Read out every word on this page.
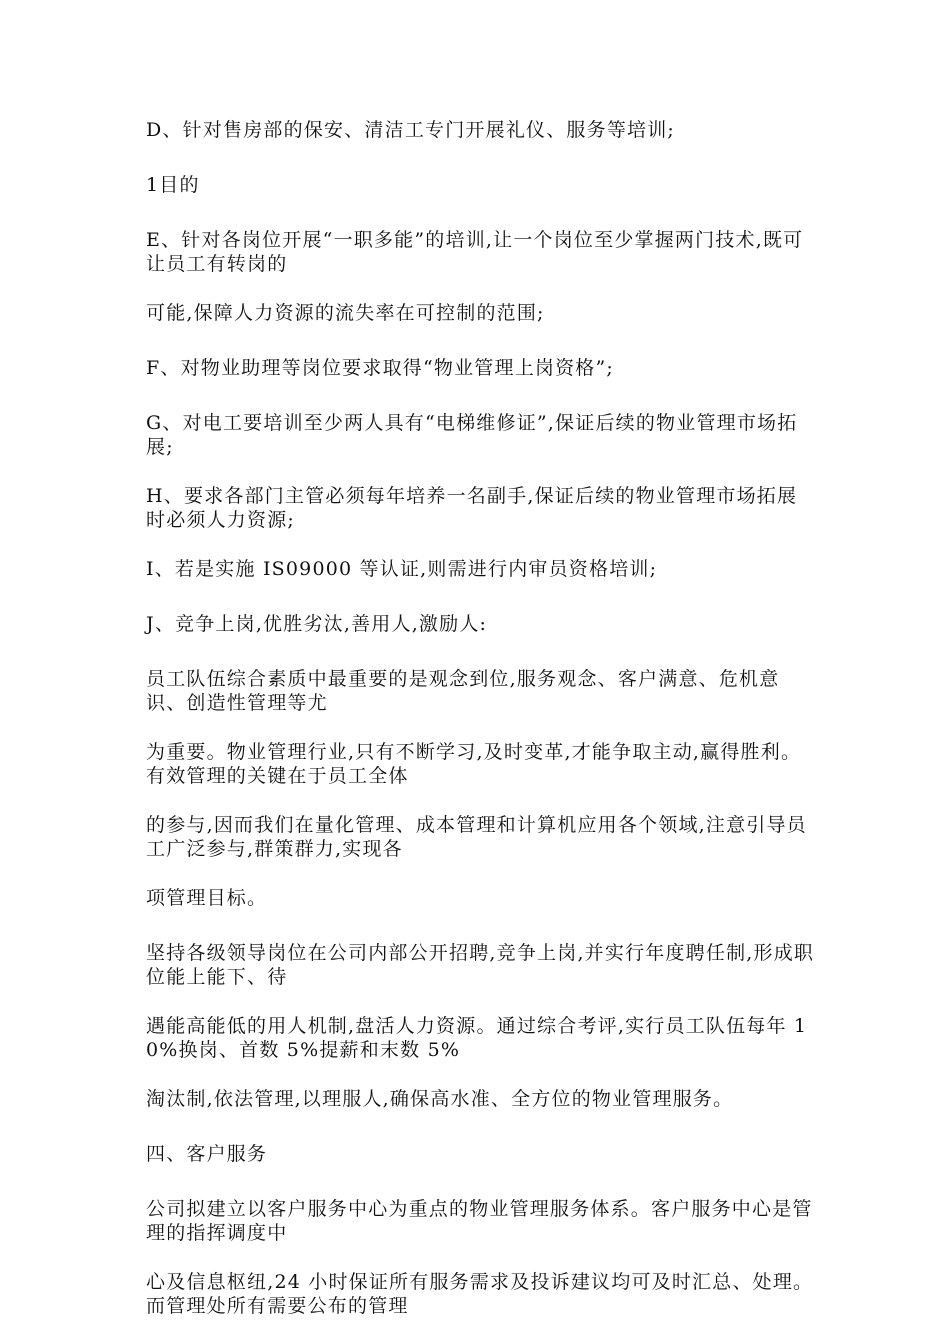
D、针对售房部的保安、清洁工专门开展礼仪、服务等培训;

1目的

E、针对各岗位开展“一职多能”的培训,让一个岗位至少掌握两门技术,既可让员工有转岗的

可能,保障人力资源的流失率在可控制的范围;

F、对物业助理等岗位要求取得“物业管理上岗资格”;

G、对电工要培训至少两人具有“电梯维修证”,保证后续的物业管理市场拓展;

H、要求各部门主管必须每年培养一名副手,保证后续的物业管理市场拓展时必须人力资源;

I、若是实施 IS09000 等认证,则需进行内审员资格培训;

J、竞争上岗,优胜劣汰,善用人,激励人:

员工队伍综合素质中最重要的是观念到位,服务观念、客户满意、危机意识、创造性管理等尤

为重要。物业管理行业,只有不断学习,及时变革,才能争取主动,赢得胜利。有效管理的关键在于员工全体

的参与,因而我们在量化管理、成本管理和计算机应用各个领域,注意引导员工广泛参与,群策群力,实现各

项管理目标。

坚持各级领导岗位在公司内部公开招聘,竞争上岗,并实行年度聘任制,形成职位能上能下、待

遇能高能低的用人机制,盘活人力资源。通过综合考评,实行员工队伍每年 10%换岗、首数 5%提薪和末数 5%

淘汰制,依法管理,以理服人,确保高水准、全方位的物业管理服务。

四、客户服务

公司拟建立以客户服务中心为重点的物业管理服务体系。客户服务中心是管理的指挥调度中

心及信息枢纽,24 小时保证所有服务需求及投诉建议均可及时汇总、处理。而管理处所有需要公布的管理
